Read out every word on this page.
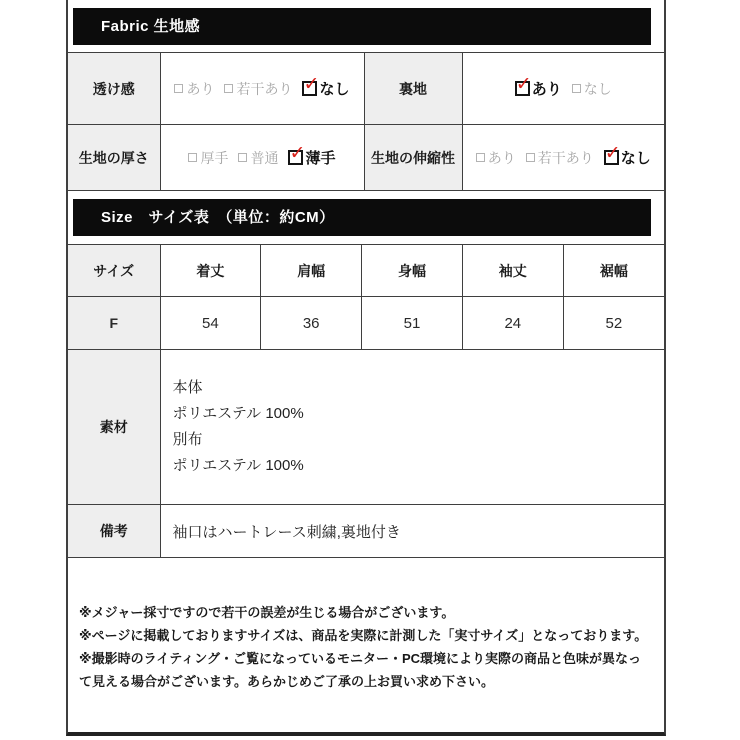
Fabric 生地感
透け感	あり 若干あり ✓ なし	裏地	✓あり なし
生地の厚さ	厚手 普通 ✓ 薄手	生地の伸縮性	あり 若干あり ✓ なし
Size　サイズ表　（単位：約CM）
サイズ	着丈	肩幅	身幅	袖丈	裾幅
F	54	36	51	24	52
素材	本体
ポリエステル 100%
別布
ポリエステル 100%				

備考	袖口はハートレース刺繍,裏地付き				
※メジャー採寸ですので若干の誤差が生じる場合がございます。
※ページに掲載しておりますサイズは、商品を実際に計測した「実寸サイズ」となっております。
※撮影時のライティング・ご覧になっているモニター・PC環境により実際の商品と色味が異なって見える場合がございます。あらかじめご了承の上お買い求め下さい。
